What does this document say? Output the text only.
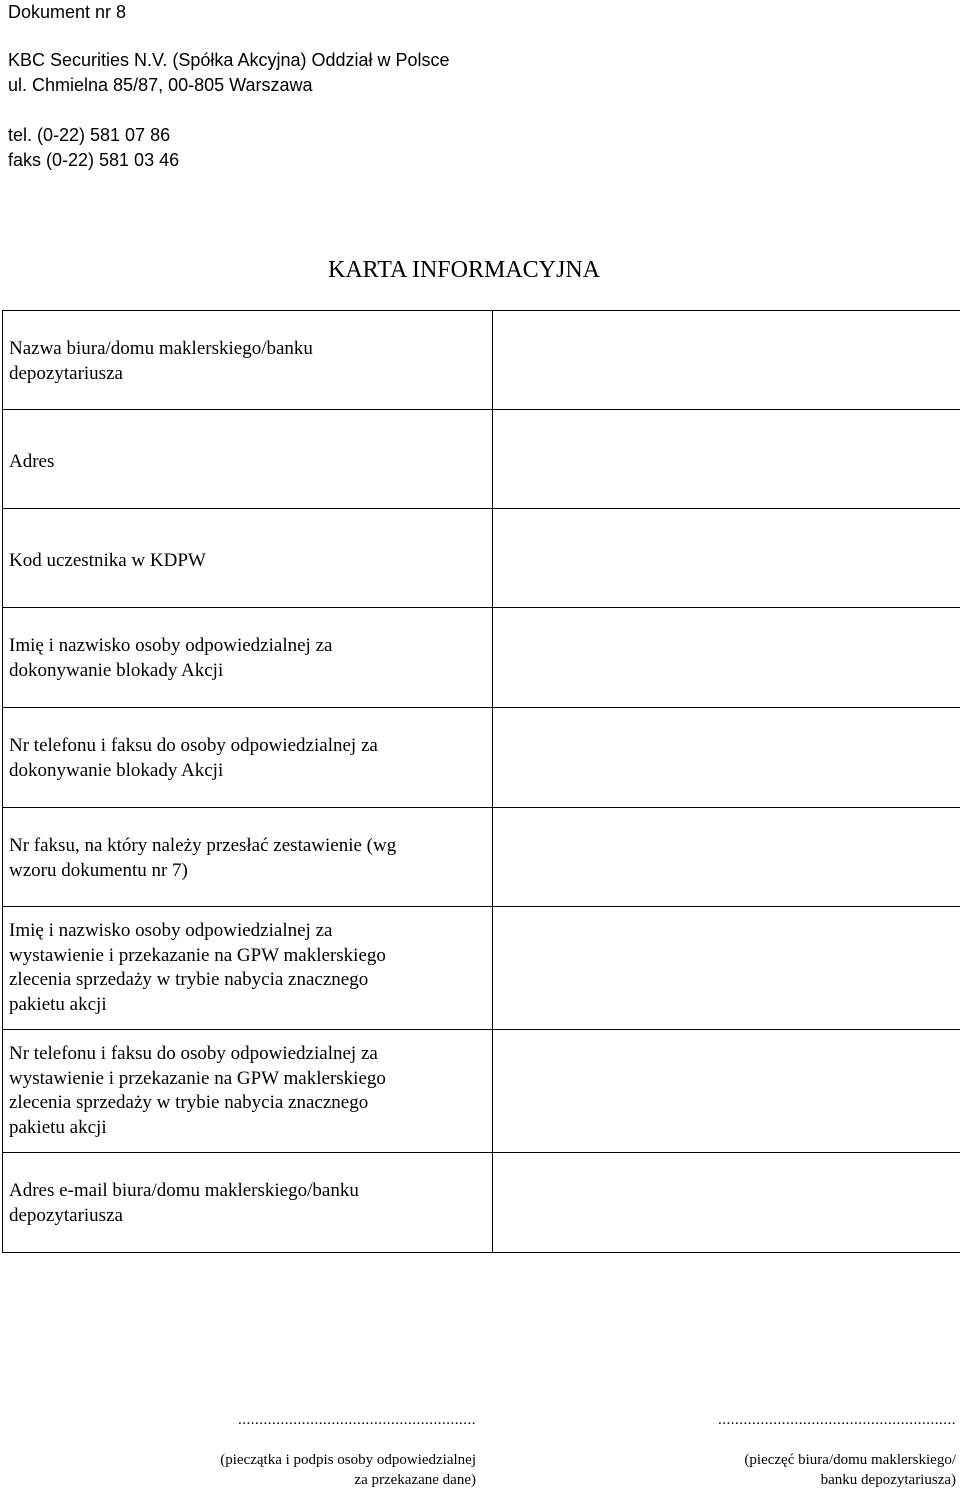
Dokument nr 8
KBC Securities N.V. (Spółka Akcyjna) Oddział w Polsce
ul. Chmielna 85/87, 00-805 Warszawa
tel. (0-22) 581 07 86
faks (0-22) 581 03 46
KARTA INFORMACYJNA
Nazwa biura/domu maklerskiego/banku
depozytariusza	

Adres	

Kod uczestnika w KDPW	

Imię i nazwisko osoby odpowiedzialnej za
dokonywanie blokady Akcji	

Nr telefonu i faksu do osoby odpowiedzialnej za
dokonywanie blokady Akcji	

Nr faksu, na który należy przesłać zestawienie (wg
wzoru dokumentu nr 7)	

Imię i nazwisko osoby odpowiedzialnej za
wystawienie i przekazanie na GPW maklerskiego
zlecenia sprzedaży w trybie nabycia znacznego
pakietu akcji	

Nr telefonu i faksu do osoby odpowiedzialnej za
wystawienie i przekazanie na GPW maklerskiego
zlecenia sprzedaży w trybie nabycia znacznego
pakietu akcji	

Adres e-mail biura/domu maklerskiego/banku
depozytariusza	

........................................................

(pieczątka i podpis osoby odpowiedzialnej
za przekazane dane)

........................................................

(pieczęć biura/domu maklerskiego/
banku depozytariusza)
